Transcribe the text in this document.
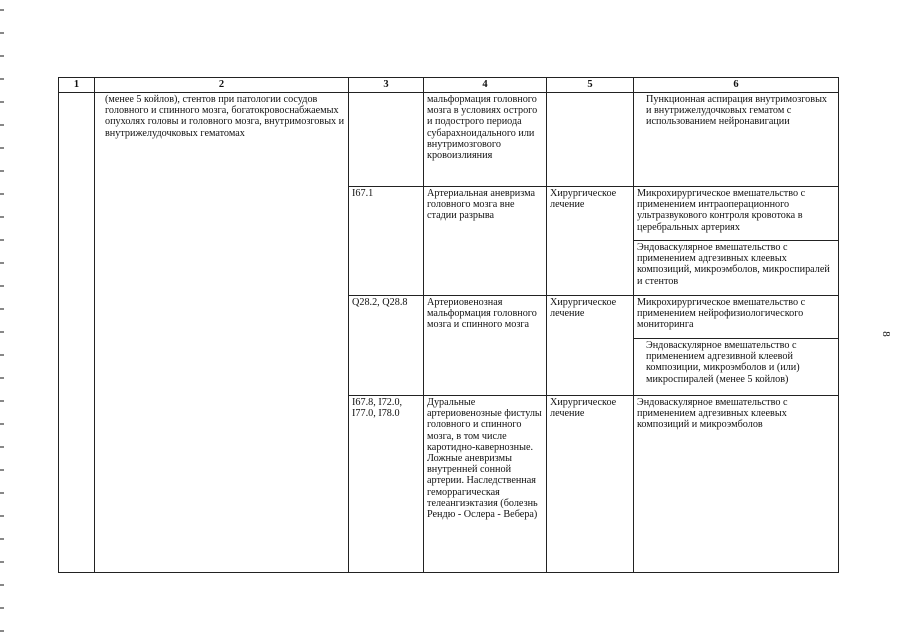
1	2	3	4	5	6
	(менее 5 койлов), стентов при патологии сосудов головного и спинного мозга, богатокровоснабжаемых опухолях головы и головного мозга, внутримозговых и внутрижелудочковых гематомах		мальформация головного мозга в условиях острого и подострого периода субарахноидального или внутримозгового кровоизлияния		Пункционная аспирация внутримозговых и внутрижелудочковых гематом с использованием нейронавигации
		I67.1	Артериальная аневризма головного мозга вне стадии разрыва	Хирургическое лечение	Микрохирургическое вмешательство с применением интраоперационного ультразвукового контроля кровотока в церебральных артериях
					Эндоваскулярное вмешательство с применением адгезивных клеевых композиций, микроэмболов, микроспиралей и стентов
		Q28.2, Q28.8	Артериовенозная мальформация головного мозга и спинного мозга	Хирургическое лечение	Микрохирургическое вмешательство с применением нейрофизиологического мониторинга
					Эндоваскулярное вмешательство с применением адгезивной клеевой композиции, микроэмболов и (или) микроспиралей (менее 5 койлов)
		I67.8, I72.0, I77.0, I78.0	Дуральные артериовенозные фистулы головного и спинного мозга, в том числе каротидно-кавернозные. Ложные аневризмы внутренней сонной артерии. Наследственная геморрагическая телеангиэктазия (болезнь Рендю - Ослера - Вебера)	Хирургическое лечение	Эндоваскулярное вмешательство с применением адгезивных клеевых композиций и микроэмболов
8
